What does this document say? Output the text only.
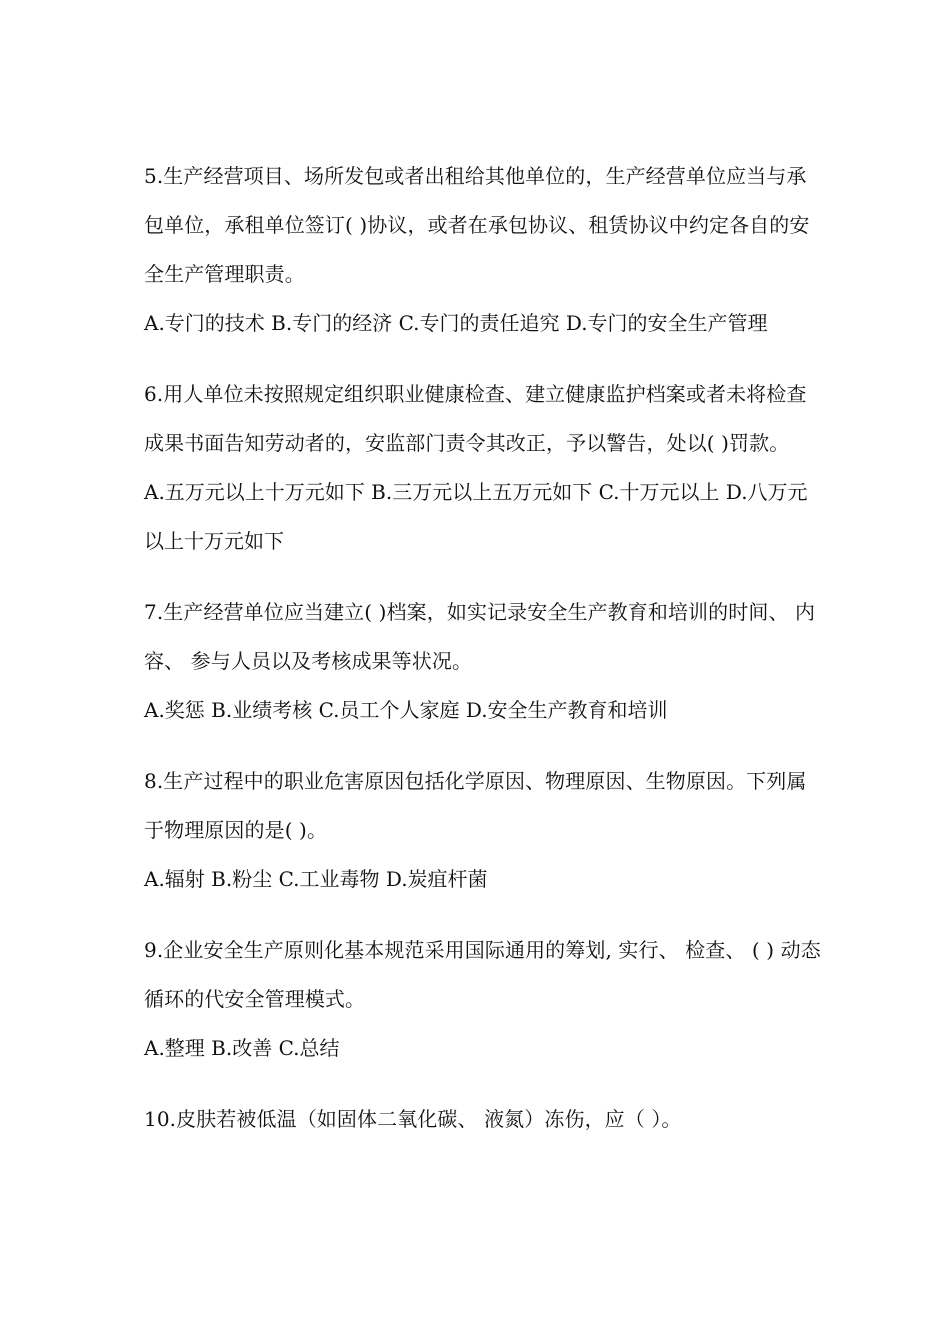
5.生产经营项目、场所发包或者出租给其他单位的，生产经营单位应当与承包单位，承租单位签订( )协议，或者在承包协议、租赁协议中约定各自的安全生产管理职责。

A.专门的技术 B.专门的经济 C.专门的责任追究 D.专门的安全生产管理

6.用人单位未按照规定组织职业健康检查、建立健康监护档案或者未将检查成果书面告知劳动者的，安监部门责令其改正，予以警告，处以( )罚款。

A.五万元以上十万元如下 B.三万元以上五万元如下 C.十万元以上 D.八万元以上十万元如下

7.生产经营单位应当建立( )档案，如实记录安全生产教育和培训的时间、 内容、 参与人员以及考核成果等状况。

A.奖惩 B.业绩考核 C.员工个人家庭 D.安全生产教育和培训

8.生产过程中的职业危害原因包括化学原因、物理原因、生物原因。下列属于物理原因的是( )。

A.辐射 B.粉尘 C.工业毒物 D.炭疽杆菌

9.企业安全生产原则化基本规范采用国际通用的筹划, 实行、 检查、 ( ) 动态循环的代安全管理模式。

A.整理 B.改善 C.总结

10.皮肤若被低温（如固体二氧化碳、 液氮）冻伤，应（ ）。
